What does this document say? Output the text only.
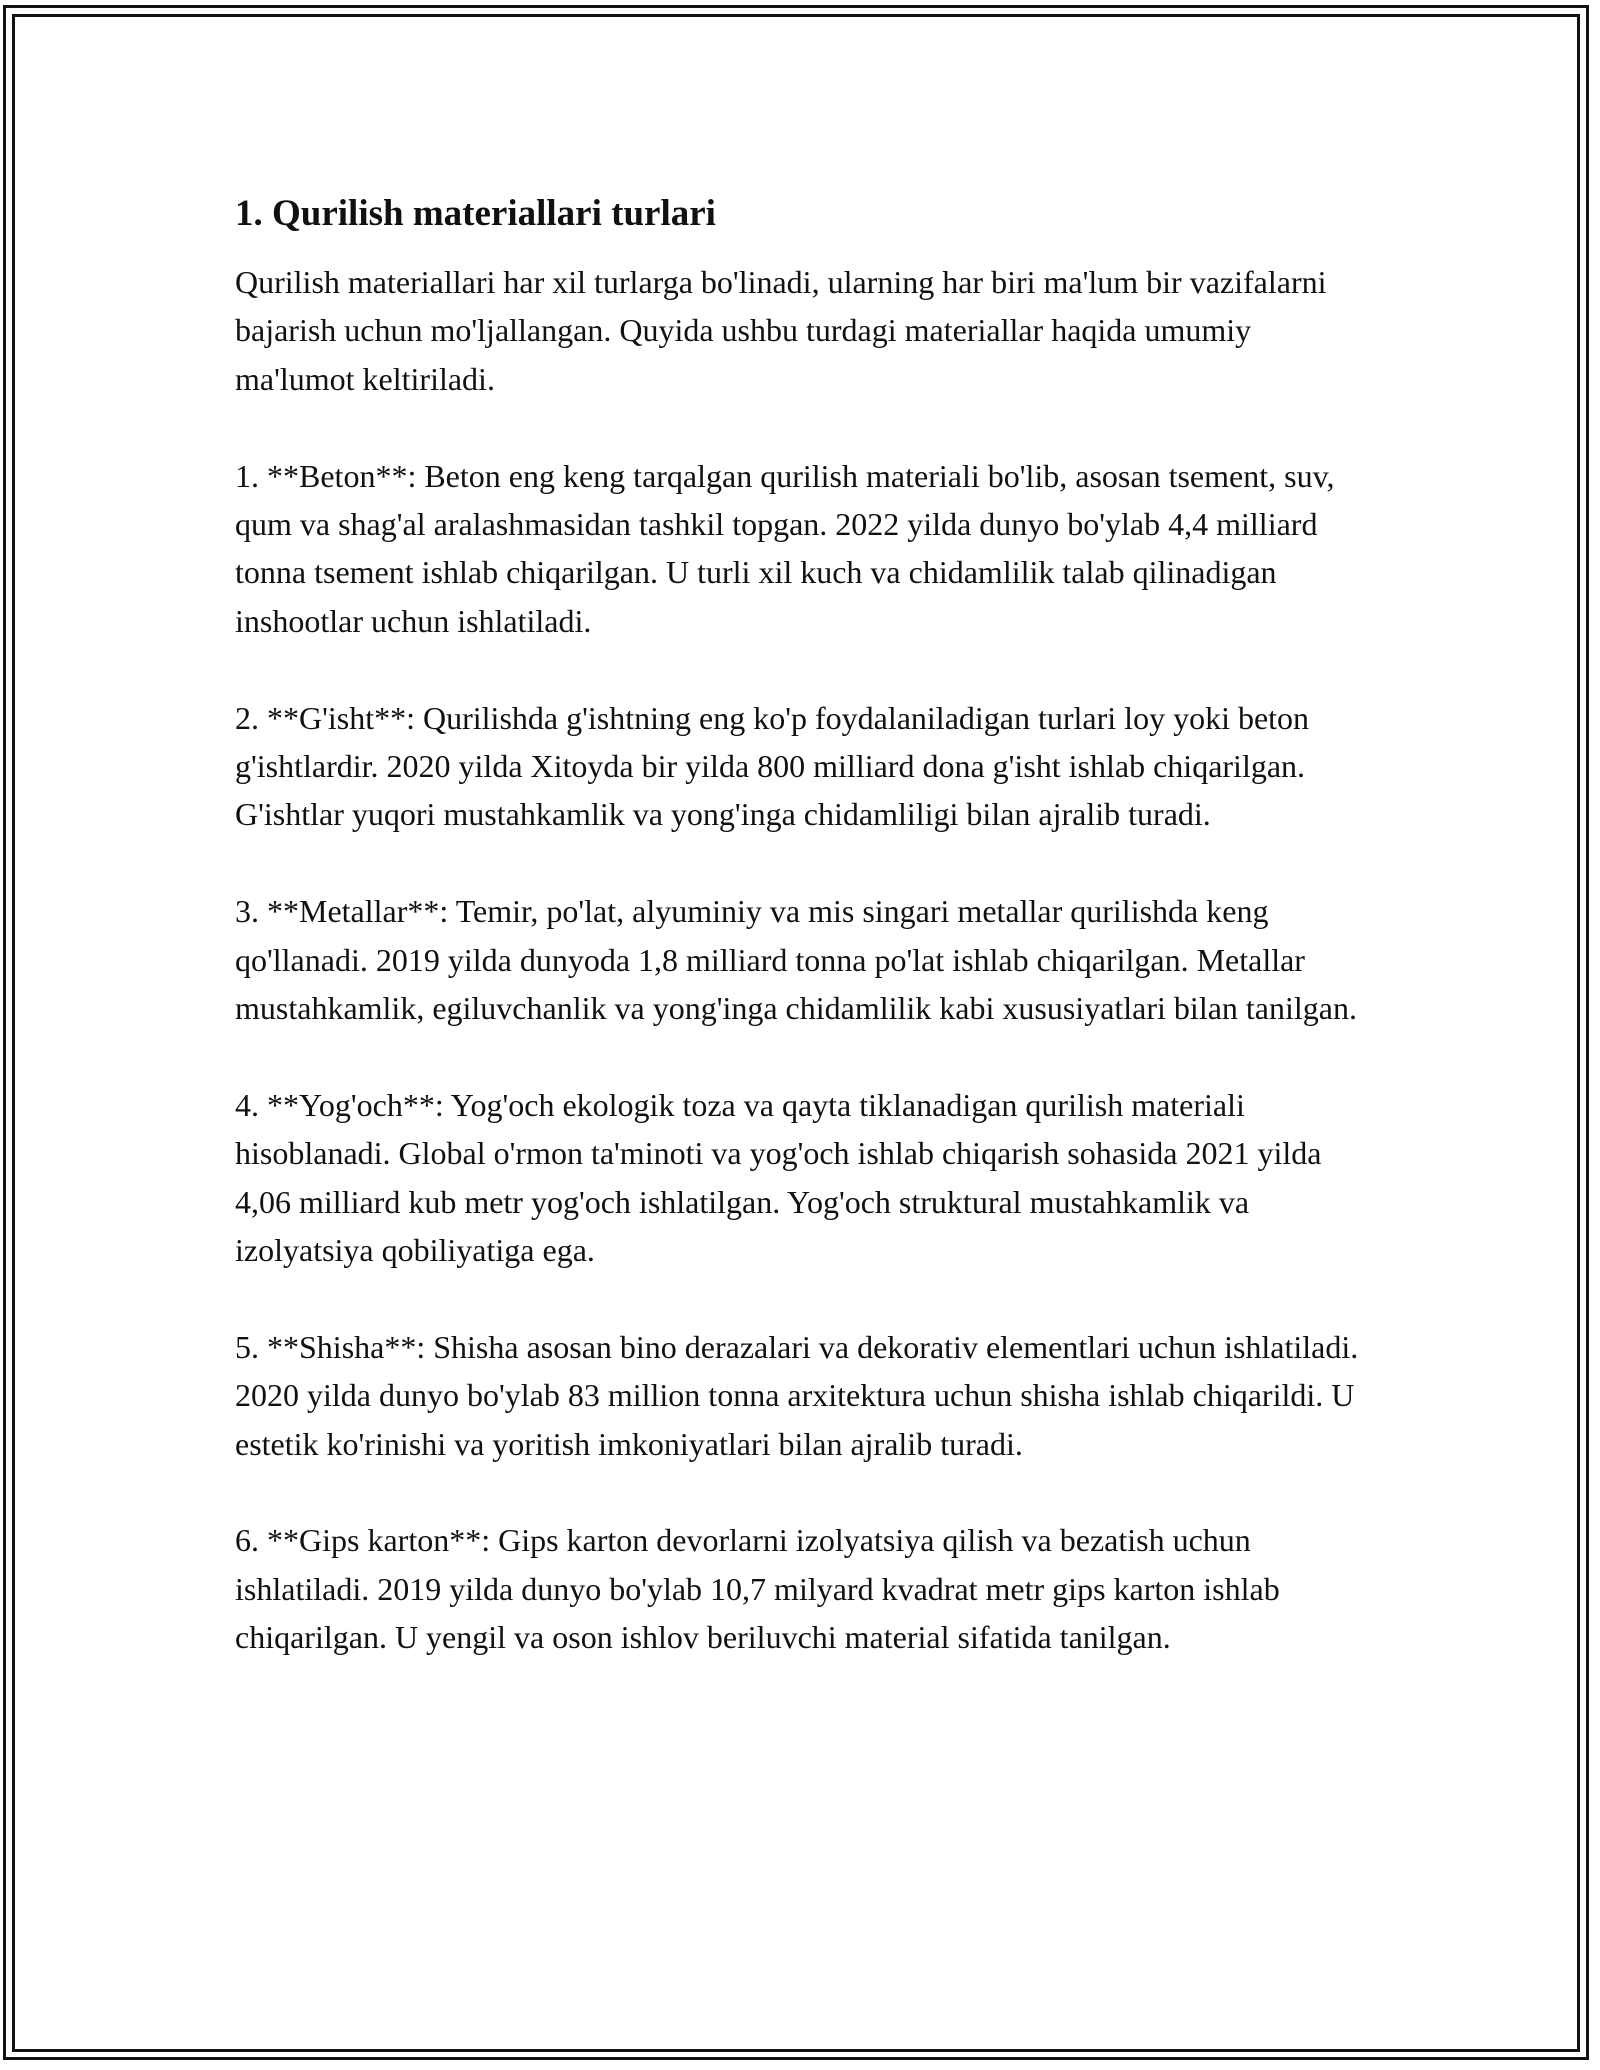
1. Qurilish materiallari turlari

Qurilish materiallari har xil turlarga bo'linadi, ularning har biri ma'lum bir vazifalarni bajarish uchun mo'ljallangan. Quyida ushbu turdagi materiallar haqida umumiy ma'lumot keltiriladi.

1. **Beton**: Beton eng keng tarqalgan qurilish materiali bo'lib, asosan tsement, suv, qum va shag'al aralashmasidan tashkil topgan. 2022 yilda dunyo bo'ylab 4,4 milliard tonna tsement ishlab chiqarilgan. U turli xil kuch va chidamlilik talab qilinadigan inshootlar uchun ishlatiladi.

2. **G'isht**: Qurilishda g'ishtning eng ko'p foydalaniladigan turlari loy yoki beton g'ishtlardir. 2020 yilda Xitoyda bir yilda 800 milliard dona g'isht ishlab chiqarilgan. G'ishtlar yuqori mustahkamlik va yong'inga chidamliligi bilan ajralib turadi.

3. **Metallar**: Temir, po'lat, alyuminiy va mis singari metallar qurilishda keng qo'llanadi. 2019 yilda dunyoda 1,8 milliard tonna po'lat ishlab chiqarilgan. Metallar mustahkamlik, egiluvchanlik va yong'inga chidamlilik kabi xususiyatlari bilan tanilgan.

4. **Yog'och**: Yog'och ekologik toza va qayta tiklanadigan qurilish materiali hisoblanadi. Global o'rmon ta'minoti va yog'och ishlab chiqarish sohasida 2021 yilda 4,06 milliard kub metr yog'och ishlatilgan. Yog'och struktural mustahkamlik va izolyatsiya qobiliyatiga ega.

5. **Shisha**: Shisha asosan bino derazalari va dekorativ elementlari uchun ishlatiladi. 2020 yilda dunyo bo'ylab 83 million tonna arxitektura uchun shisha ishlab chiqarildi. U estetik ko'rinishi va yoritish imkoniyatlari bilan ajralib turadi.

6. **Gips karton**: Gips karton devorlarni izolyatsiya qilish va bezatish uchun ishlatiladi. 2019 yilda dunyo bo'ylab 10,7 milyard kvadrat metr gips karton ishlab chiqarilgan. U yengil va oson ishlov beriluvchi material sifatida tanilgan.
